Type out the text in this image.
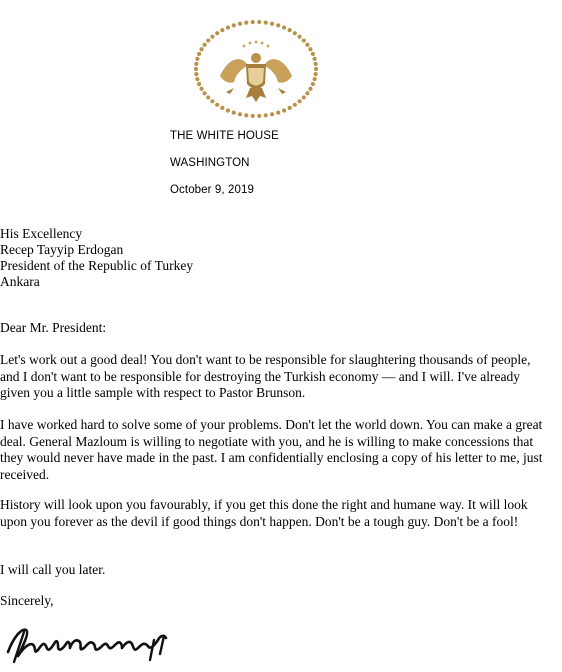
THE WHITE HOUSE
WASHINGTON
October 9, 2019
His Excellency
Recep Tayyip Erdogan
President of the Republic of Turkey
Ankara

Dear Mr. President:

Let's work out a good deal! You don't want to be responsible for slaughtering thousands of people, and I don't want to be responsible for destroying the Turkish economy — and I will. I've already given you a little sample with respect to Pastor Brunson.

I have worked hard to solve some of your problems. Don't let the world down. You can make a great deal. General Mazloum is willing to negotiate with you, and he is willing to make concessions that they would never have made in the past. I am confidentially enclosing a copy of his letter to me, just received.

History will look upon you favourably, if you get this done the right and humane way. It will look upon you forever as the devil if good things don't happen. Don't be a tough guy. Don't be a fool!

I will call you later.

Sincerely,
